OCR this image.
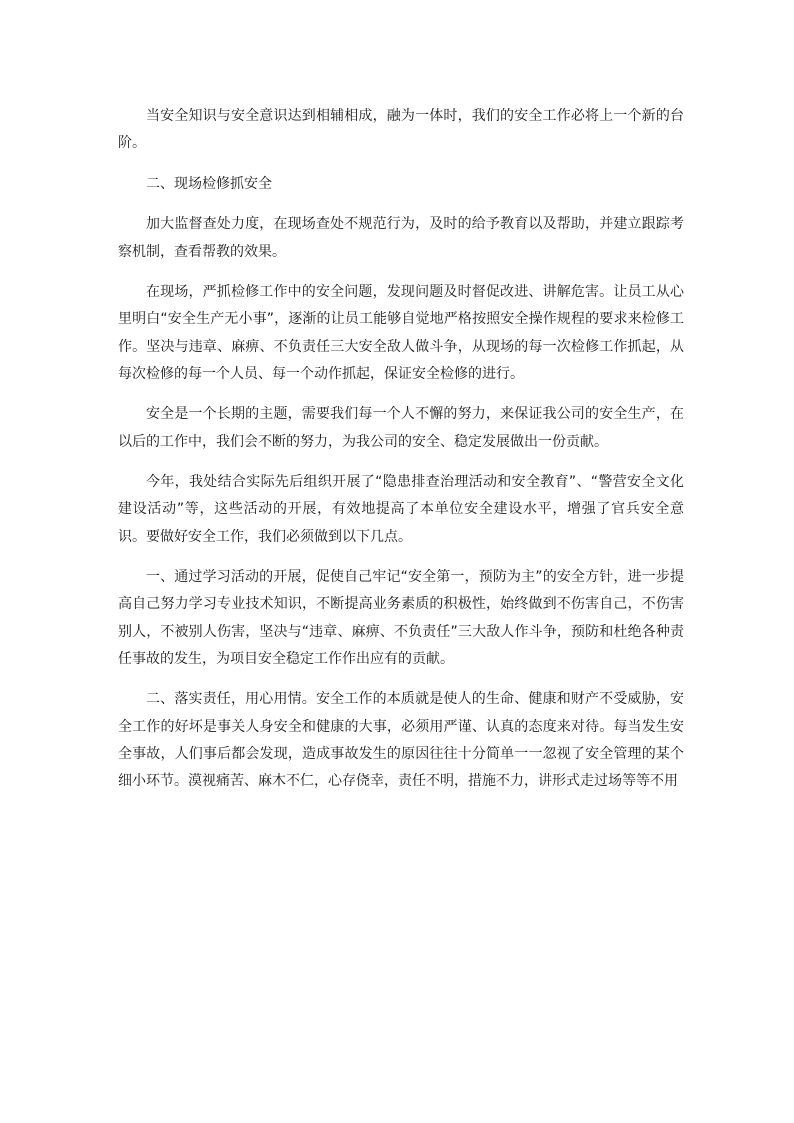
当安全知识与安全意识达到相辅相成，融为一体时，我们的安全工作必将上一个新的台阶。

二、现场检修抓安全

加大监督查处力度，在现场查处不规范行为，及时的给予教育以及帮助，并建立跟踪考察机制，查看帮教的效果。

在现场，严抓检修工作中的安全问题，发现问题及时督促改进、讲解危害。让员工从心里明白“安全生产无小事”，逐渐的让员工能够自觉地严格按照安全操作规程的要求来检修工作。坚决与违章、麻痹、不负责任三大安全敌人做斗争，从现场的每一次检修工作抓起，从每次检修的每一个人员、每一个动作抓起，保证安全检修的进行。

安全是一个长期的主题，需要我们每一个人不懈的努力，来保证我公司的安全生产，在以后的工作中，我们会不断的努力，为我公司的安全、稳定发展做出一份贡献。

今年，我处结合实际先后组织开展了“隐患排查治理活动和安全教育”、“警营安全文化建设活动”等，这些活动的开展，有效地提高了本单位安全建设水平，增强了官兵安全意识。要做好安全工作，我们必须做到以下几点。

一、通过学习活动的开展，促使自己牢记“安全第一，预防为主”的安全方针，进一步提高自己努力学习专业技术知识，不断提高业务素质的积极性，始终做到不伤害自己，不伤害别人，不被别人伤害，坚决与“违章、麻痹、不负责任”三大敌人作斗争，预防和杜绝各种责任事故的发生，为项目安全稳定工作作出应有的贡献。

二、落实责任，用心用情。安全工作的本质就是使人的生命、健康和财产不受威胁，安全工作的好坏是事关人身安全和健康的大事，必须用严谨、认真的态度来对待。每当发生安全事故，人们事后都会发现，造成事故发生的原因往往十分简单一一忽视了安全管理的某个细小环节。漠视痛苦、麻木不仁，心存侥幸，责任不明，措施不力，讲形式走过场等等不用
